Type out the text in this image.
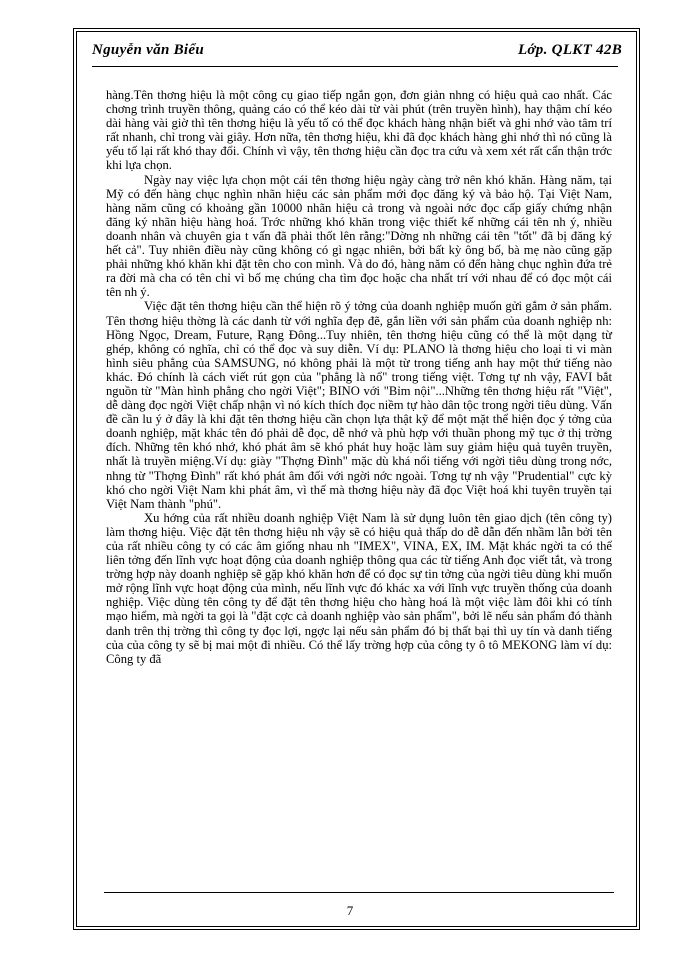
Nguyễn văn Biểu	Lớp. QLKT 42B

hàng.Tên thơng hiệu là một công cụ giao tiếp ngắn gọn, đơn giản nhng có hiệu quả cao nhất. Các chơng trình truyền thông, quảng cáo có thể kéo dài từ vài phút (trên truyền hình), hay thậm chí kéo dài hàng vài giờ thì tên thơng hiệu là yếu tố có thể đọc khách hàng nhận biết và ghi nhớ vào tâm trí rất nhanh, chỉ trong vài giây. Hơn nữa, tên thơng hiệu, khi đã đọc khách hàng ghi nhớ thì nó cũng là yếu tố lại rất khó thay đổi. Chính vì vậy, tên thơng hiệu cần đọc tra cứu và xem xét rất cẩn thận trớc khi lựa chọn.

Ngày nay việc lựa chọn một cái tên thơng hiệu ngày càng trở nên khó khăn. Hàng năm, tại Mỹ có đến hàng chục nghìn nhãn hiệu các sản phẩm mới đọc đăng ký và bảo hộ. Tại Việt Nam, hàng năm cũng có khoảng gần 10000 nhãn hiệu cả trong và ngoài nớc đọc cấp giấy chứng nhận đăng ký nhãn hiệu hàng hoá. Trớc những khó khăn trong việc thiết kế những cái tên nh ý, nhiều doanh nhân và chuyên gia t vấn đã phải thốt lên rằng:"Dờng nh những cái tên "tốt" đã bị đăng ký hết cả". Tuy nhiên điều này cũng không có gì ngạc nhiên, bởi bất kỳ ông bố, bà mẹ nào cũng gặp phải những khó khăn khi đặt tên cho con mình. Và do đó, hàng năm có đến hàng chục nghìn đứa trẻ ra đời mà cha có tên chỉ vì bố mẹ chúng cha tìm đọc hoặc cha nhất trí với nhau để có đọc một cái tên nh ý.

Việc đặt tên thơng hiệu cần thể hiện rõ ý tởng của doanh nghiệp muốn gửi gắm ở sản phẩm. Tên thơng hiệu thờng là các danh từ với nghĩa đẹp đẽ, gắn liền với sản phẩm của doanh nghiệp nh: Hồng Ngọc, Dream, Future, Rạng Đông...Tuy nhiên, tên thơng hiệu cũng có thể là một dạng từ ghép, không có nghĩa, chỉ có thể đọc và suy diễn. Ví dụ: PLANO là thơng hiệu cho loại ti vi màn hình siêu phẳng của SAMSUNG, nó không phải là một từ trong tiếng anh hay một thứ tiếng nào khác. Đó chính là cách viết rút gọn của "phẳng là nổ" trong tiếng việt. Tơng tự nh vậy, FAVI bắt nguồn từ "Màn hình phẳng cho ngời Việt"; BINO với "Bỉm nội"...Những tên thơng hiệu rất "Việt", dễ dàng đọc ngời Việt chấp nhận vì nó kích thích đọc niềm tự hào dân tộc trong ngời tiêu dùng. Vấn đề cần lu ý ở đây là khi đặt tên thơng hiệu cần chọn lựa thật kỹ để một mặt thể hiện đọc ý tởng của doanh nghiệp, mặt khác tên đó phải dễ đọc, dễ nhớ và phù hợp với thuần phong mỹ tục ở thị trờng đích. Những tên khó nhớ, khó phát âm sẽ khó phát huy hoặc làm suy giảm hiệu quả tuyên truyền, nhất là truyền miệng.Ví dụ: giày "Thợng Đình" mặc dù khá nổi tiếng với ngời tiêu dùng trong nớc, nhng từ "Thợng Đình" rất khó phát âm đối với ngời nớc ngoài. Tơng tự nh vậy "Prudential" cực kỳ khó cho ngời Việt Nam khi phát âm, vì thế mà thơng hiệu này đã đọc Việt hoá khi tuyên truyền tại Việt Nam thành "phú".

Xu hớng của rất nhiều doanh nghiệp Việt Nam là sử dụng luôn tên giao dịch (tên công ty) làm thơng hiệu. Việc đặt tên thơng hiệu nh vậy sẽ có hiệu quả thấp do dễ dẫn đến nhầm lẫn bởi tên của rất nhiều công ty có các âm giống nhau nh "IMEX", VINA, EX, IM. Mặt khác ngời ta có thể liên tởng đến lĩnh vực hoạt động của doanh nghiệp thông qua các từ tiếng Anh đọc viết tắt, và trong trờng hợp này doanh nghiệp sẽ gặp khó khăn hơn để có đọc sự tin tởng của ngời tiêu dùng khi muốn mở rộng lĩnh vực hoạt động của mình, nếu lĩnh vực đó khác xa với lĩnh vực truyền thống của doanh nghiệp. Việc dùng tên công ty để đặt tên thơng hiệu cho hàng hoá là một việc làm đôi khi có tính mạo hiểm, mà ngời ta gọi là "đặt cợc cả doanh nghiệp vào sản phẩm", bởi lẽ nếu sản phẩm đó thành danh trên thị trờng thì công ty đọc lợi, ngợc lại nếu sản phẩm đó bị thất bại thì uy tín và danh tiếng của của công ty sẽ bị mai một đi nhiều. Có thể lấy trờng hợp của công ty ô tô MEKONG làm ví dụ: Công ty đã

7
